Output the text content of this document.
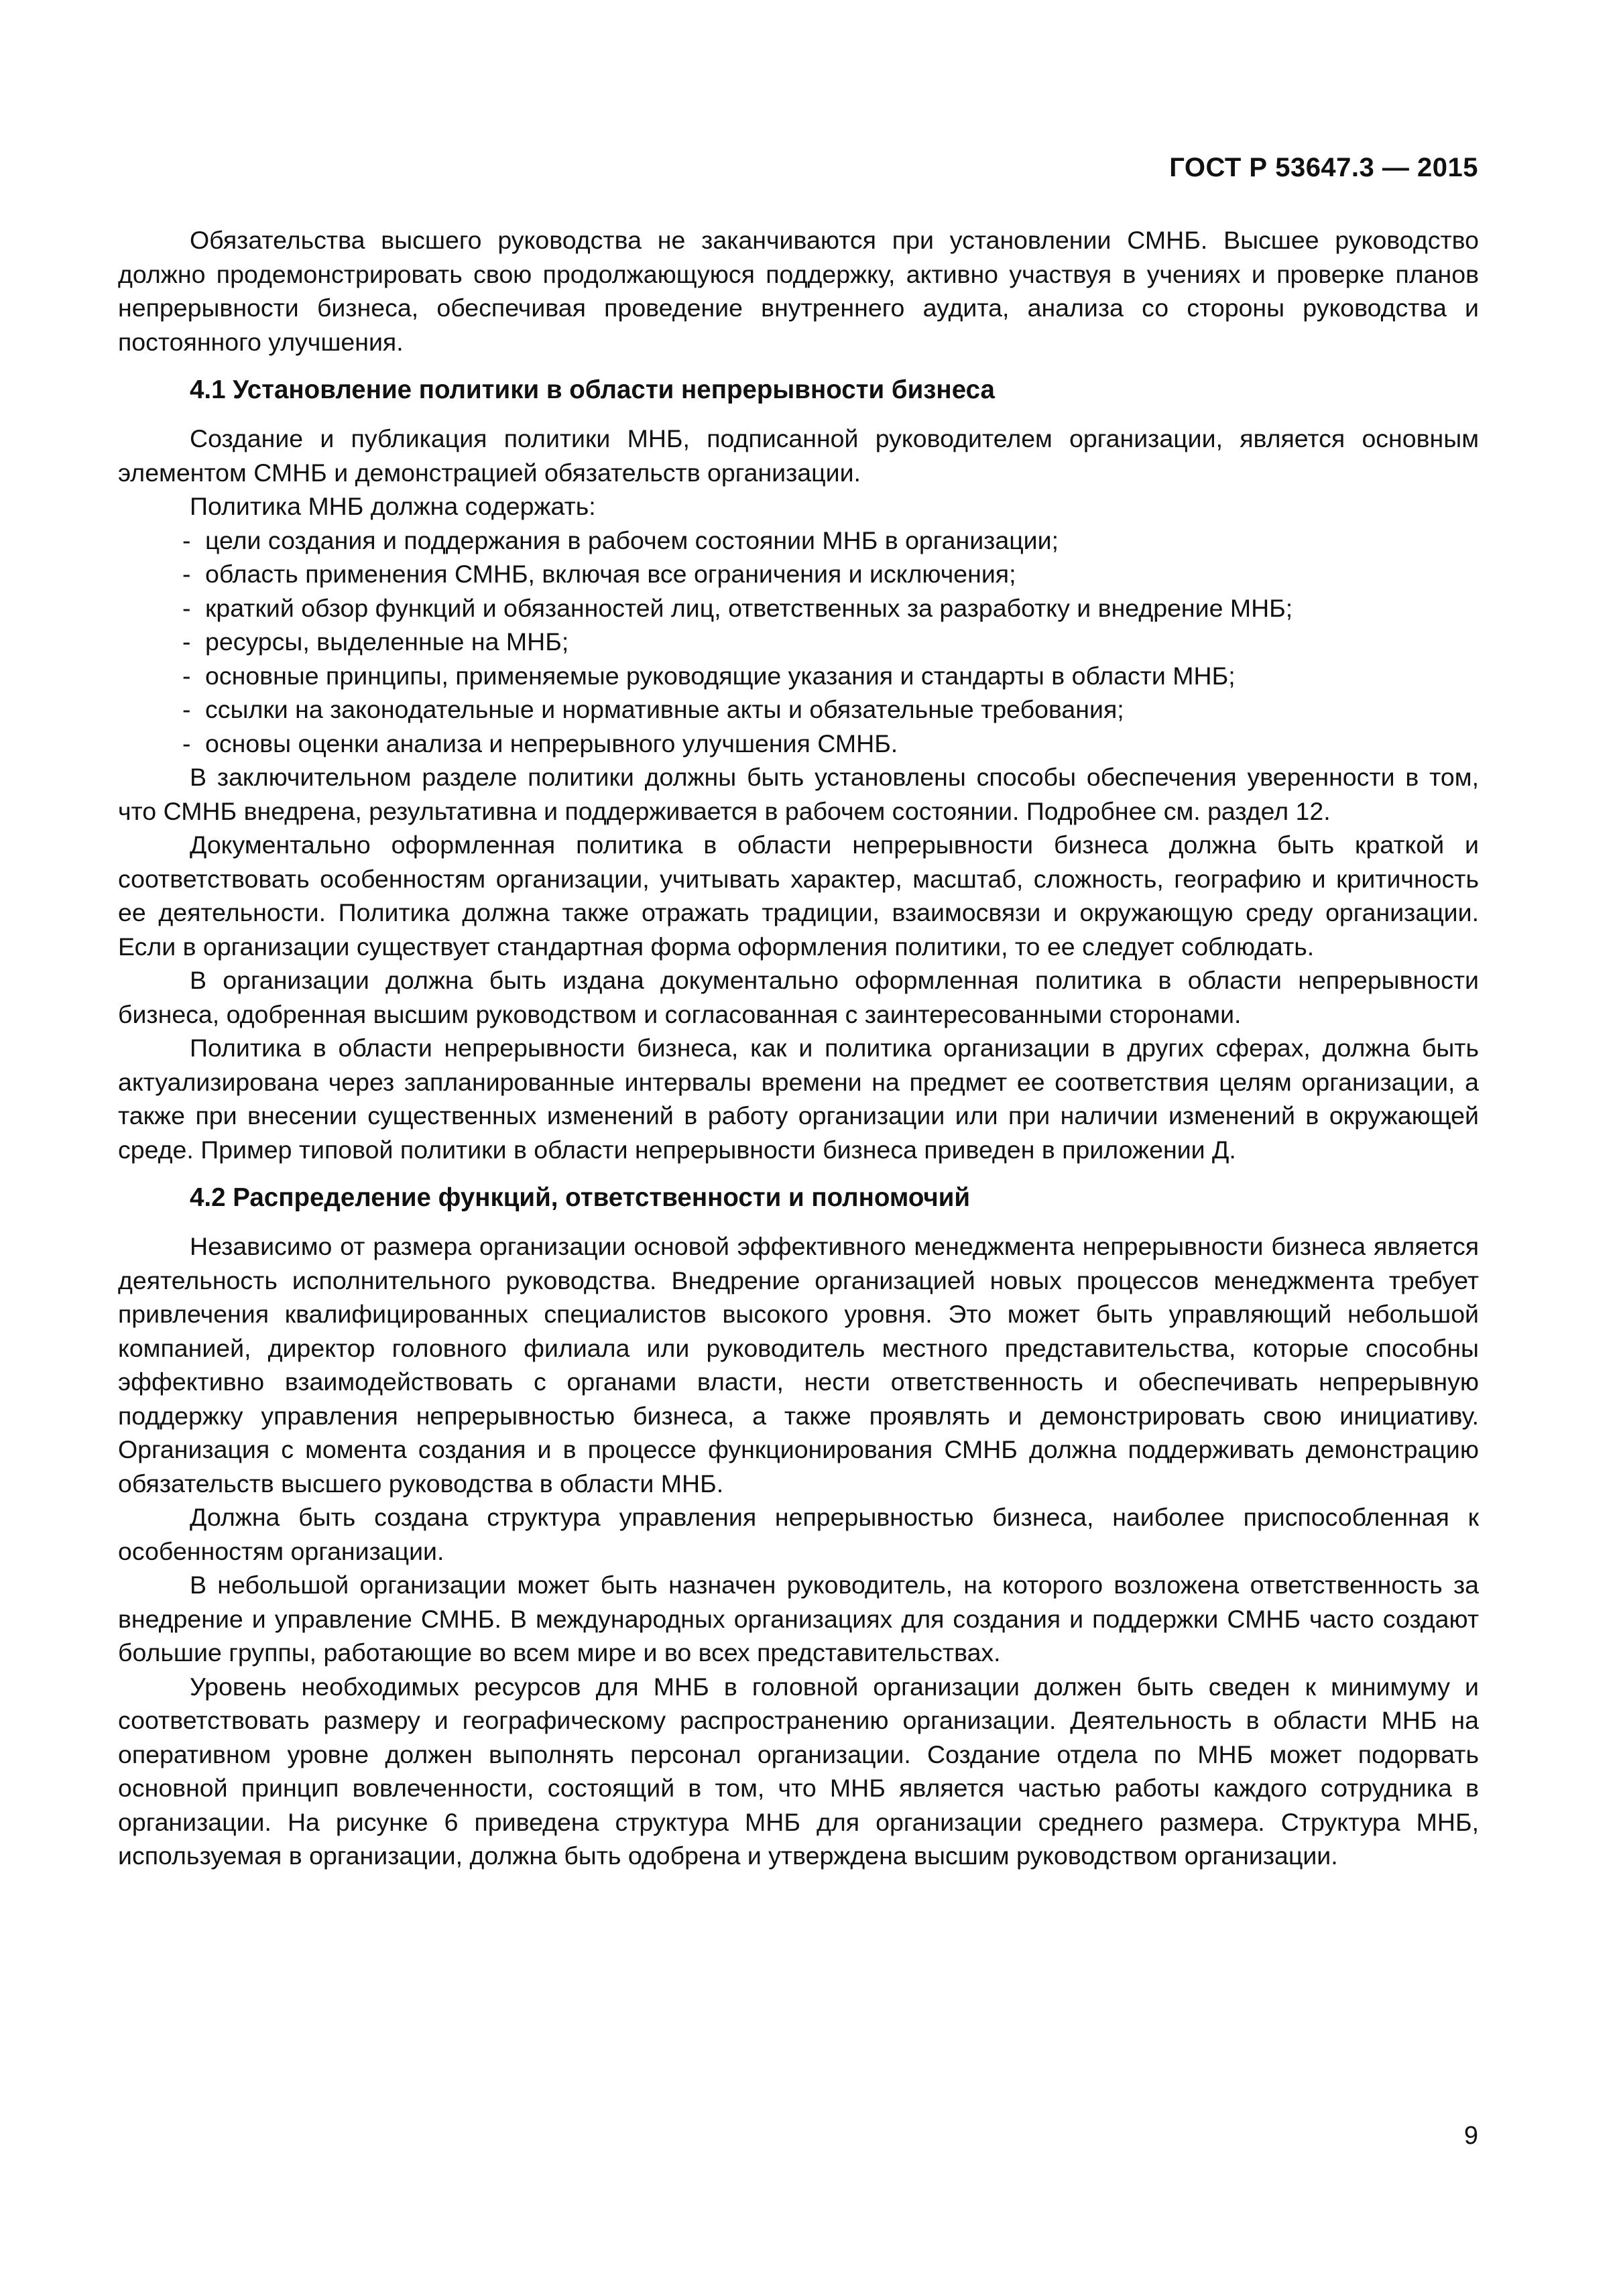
ГОСТ Р 53647.3 — 2015

Обязательства высшего руководства не заканчиваются при установлении СМНБ. Высшее руководство должно продемонстрировать свою продолжающуюся поддержку, активно участвуя в учениях и проверке планов непрерывности бизнеса, обеспечивая проведение внутреннего аудита, анализа со стороны руководства и постоянного улучшения.

4.1 Установление политики в области непрерывности бизнеса

Создание и публикация политики МНБ, подписанной руководителем организации, является основным элементом СМНБ и демонстрацией обязательств организации.

Политика МНБ должна содержать:

- цели создания и поддержания в рабочем состоянии МНБ в организации;
- область применения СМНБ, включая все ограничения и исключения;
- краткий обзор функций и обязанностей лиц, ответственных за разработку и внедрение МНБ;
- ресурсы, выделенные на МНБ;
- основные принципы, применяемые руководящие указания и стандарты в области МНБ;
- ссылки на законодательные и нормативные акты и обязательные требования;
- основы оценки анализа и непрерывного улучшения СМНБ.

В заключительном разделе политики должны быть установлены способы обеспечения уверенности в том, что СМНБ внедрена, результативна и поддерживается в рабочем состоянии. Подробнее см. раздел 12.

Документально оформленная политика в области непрерывности бизнеса должна быть краткой и соответствовать особенностям организации, учитывать характер, масштаб, сложность, географию и критичность ее деятельности. Политика должна также отражать традиции, взаимосвязи и окружающую среду организации. Если в организации существует стандартная форма оформления политики, то ее следует соблюдать.

В организации должна быть издана документально оформленная политика в области непрерывности бизнеса, одобренная высшим руководством и согласованная с заинтересованными сторонами.

Политика в области непрерывности бизнеса, как и политика организации в других сферах, должна быть актуализирована через запланированные интервалы времени на предмет ее соответствия целям организации, а также при внесении существенных изменений в работу организации или при наличии изменений в окружающей среде. Пример типовой политики в области непрерывности бизнеса приведен в приложении Д.

4.2 Распределение функций, ответственности и полномочий

Независимо от размера организации основой эффективного менеджмента непрерывности бизнеса является деятельность исполнительного руководства. Внедрение организацией новых процессов менеджмента требует привлечения квалифицированных специалистов высокого уровня. Это может быть управляющий небольшой компанией, директор головного филиала или руководитель местного представительства, которые способны эффективно взаимодействовать с органами власти, нести ответственность и обеспечивать непрерывную поддержку управления непрерывностью бизнеса, а также проявлять и демонстрировать свою инициативу. Организация с момента создания и в процессе функционирования СМНБ должна поддерживать демонстрацию обязательств высшего руководства в области МНБ.

Должна быть создана структура управления непрерывностью бизнеса, наиболее приспособленная к особенностям организации.

В небольшой организации может быть назначен руководитель, на которого возложена ответственность за внедрение и управление СМНБ. В международных организациях для создания и поддержки СМНБ часто создают большие группы, работающие во всем мире и во всех представительствах.

Уровень необходимых ресурсов для МНБ в головной организации должен быть сведен к минимуму и соответствовать размеру и географическому распространению организации. Деятельность в области МНБ на оперативном уровне должен выполнять персонал организации. Создание отдела по МНБ может подорвать основной принцип вовлеченности, состоящий в том, что МНБ является частью работы каждого сотрудника в организации. На рисунке 6 приведена структура МНБ для организации среднего размера. Структура МНБ, используемая в организации, должна быть одобрена и утверждена высшим руководством организации.

9
